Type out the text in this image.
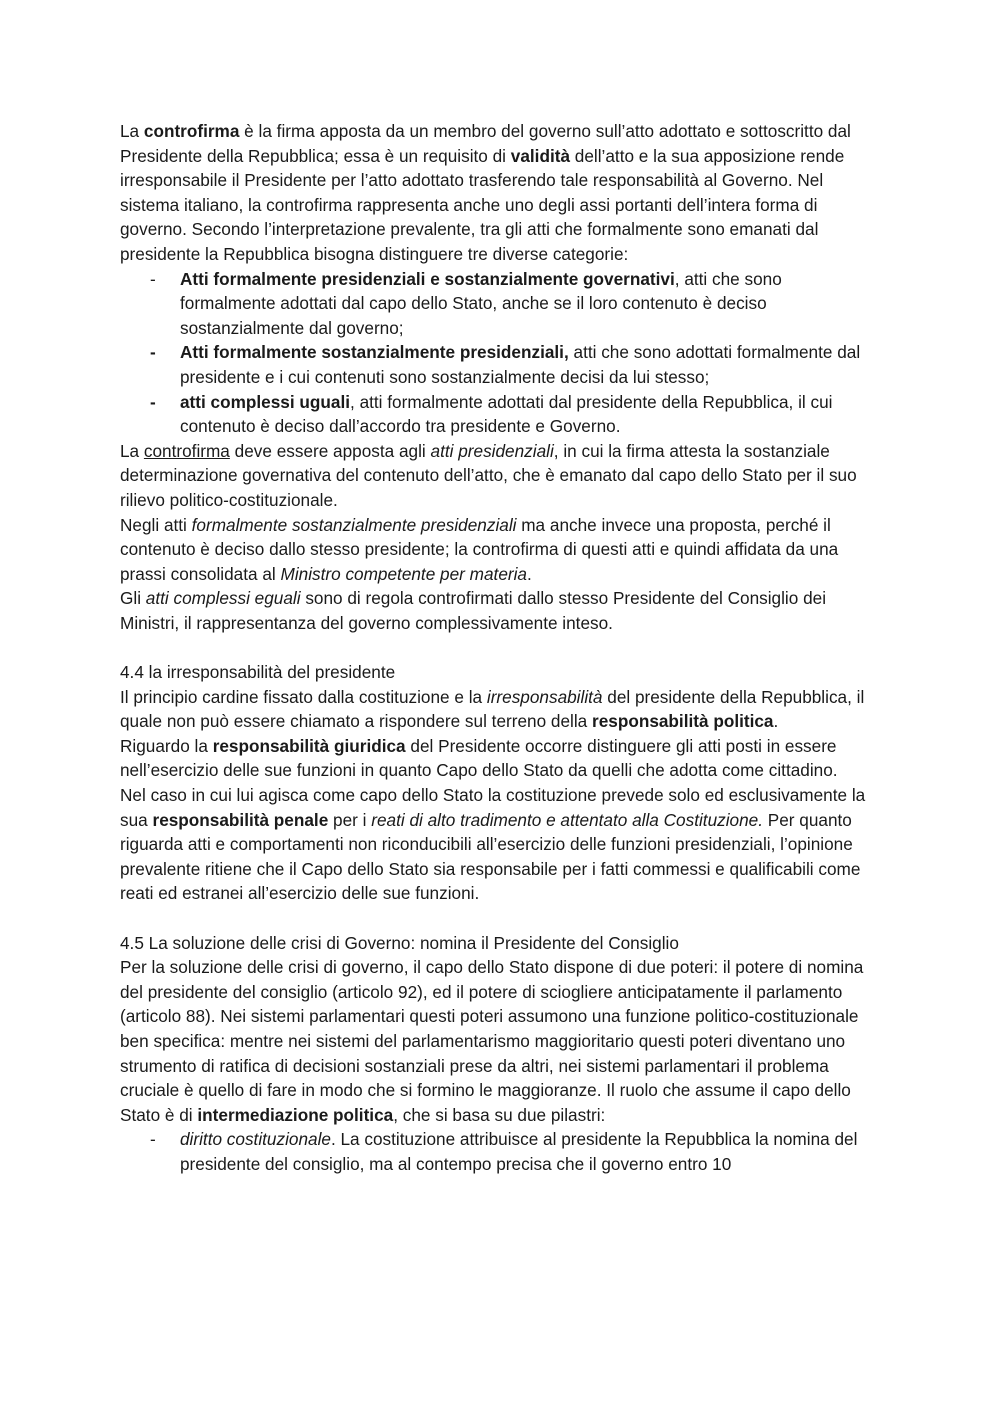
La controfirma è la firma apposta da un membro del governo sull’atto adottato e sottoscritto dal Presidente della Repubblica; essa è un requisito di validità dell’atto e la sua apposizione rende irresponsabile il Presidente per l’atto adottato trasferendo tale responsabilità al Governo. Nel sistema italiano, la controfirma rappresenta anche uno degli assi portanti dell’intera forma di governo. Secondo l’interpretazione prevalente, tra gli atti che formalmente sono emanati dal presidente la Repubblica bisogna distinguere tre diverse categorie:

- Atti formalmente presidenziali e sostanzialmente governativi, atti che sono formalmente adottati dal capo dello Stato, anche se il loro contenuto è deciso sostanzialmente dal governo;
- Atti formalmente sostanzialmente presidenziali, atti che sono adottati formalmente dal presidente e i cui contenuti sono sostanzialmente decisi da lui stesso;
- atti complessi uguali, atti formalmente adottati dal presidente della Repubblica, il cui contenuto è deciso dall’accordo tra presidente e Governo.

La controfirma deve essere apposta agli atti presidenziali, in cui la firma attesta la sostanziale determinazione governativa del contenuto dell’atto, che è emanato dal capo dello Stato per il suo rilievo politico-costituzionale.

Negli atti formalmente sostanzialmente presidenziali ma anche invece una proposta, perché il contenuto è deciso dallo stesso presidente; la controfirma di questi atti e quindi affidata da una prassi consolidata al Ministro competente per materia.

Gli atti complessi eguali sono di regola controfirmati dallo stesso Presidente del Consiglio dei Ministri, il rappresentanza del governo complessivamente inteso.

4.4 la irresponsabilità del presidente

Il principio cardine fissato dalla costituzione e la irresponsabilità del presidente della Repubblica, il quale non può essere chiamato a rispondere sul terreno della responsabilità politica.

Riguardo la responsabilità giuridica del Presidente occorre distinguere gli atti posti in essere nell’esercizio delle sue funzioni in quanto Capo dello Stato da quelli che adotta come cittadino.

Nel caso in cui lui agisca come capo dello Stato la costituzione prevede solo ed esclusivamente la sua responsabilità penale per i reati di alto tradimento e attentato alla Costituzione. Per quanto riguarda atti e comportamenti non riconducibili all’esercizio delle funzioni presidenziali, l’opinione prevalente ritiene che il Capo dello Stato sia responsabile per i fatti commessi e qualificabili come reati ed estranei all’esercizio delle sue funzioni.

4.5 La soluzione delle crisi di Governo: nomina il Presidente del Consiglio

Per la soluzione delle crisi di governo, il capo dello Stato dispone di due poteri: il potere di nomina del presidente del consiglio (articolo 92), ed il potere di sciogliere anticipatamente il parlamento (articolo 88). Nei sistemi parlamentari questi poteri assumono una funzione politico-costituzionale ben specifica: mentre nei sistemi del parlamentarismo maggioritario questi poteri diventano uno strumento di ratifica di decisioni sostanziali prese da altri, nei sistemi parlamentari il problema cruciale è quello di fare in modo che si formino le maggioranze. Il ruolo che assume il capo dello Stato è di intermediazione politica, che si basa su due pilastri:

- diritto costituzionale. La costituzione attribuisce al presidente la Repubblica la nomina del presidente del consiglio, ma al contempo precisa che il governo entro 10
